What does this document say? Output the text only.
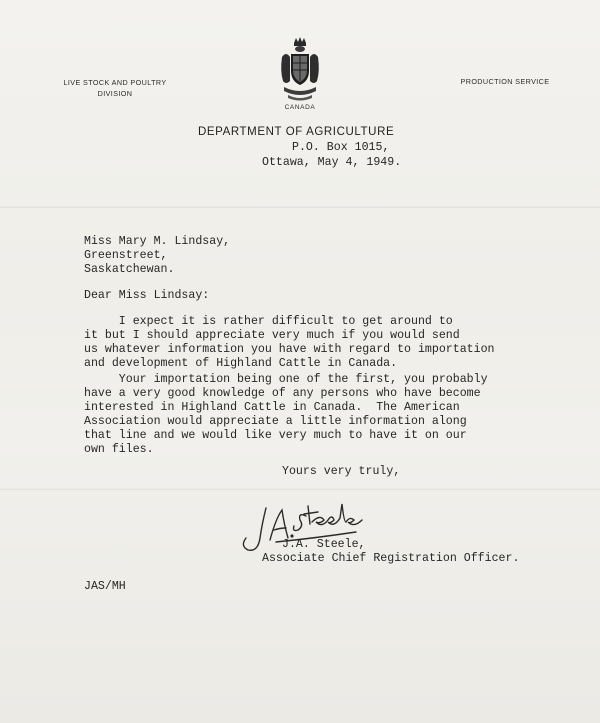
LIVE STOCK AND POULTRY
DIVISION
PRODUCTION SERVICE
CANADA
DEPARTMENT OF AGRICULTURE
P.O. Box 1015,
Ottawa, May 4, 1949.
Miss Mary M. Lindsay,
Greenstreet,
Saskatchewan.
Dear Miss Lindsay:
I expect it is rather difficult to get around to
it but I should appreciate very much if you would send
us whatever information you have with regard to importation
and development of Highland Cattle in Canada.
Your importation being one of the first, you probably
have a very good knowledge of any persons who have become
interested in Highland Cattle in Canada.  The American
Association would appreciate a little information along
that line and we would like very much to have it on our
own files.
Yours very truly,
J.A. Steele,
Associate Chief Registration Officer.
JAS/MH
